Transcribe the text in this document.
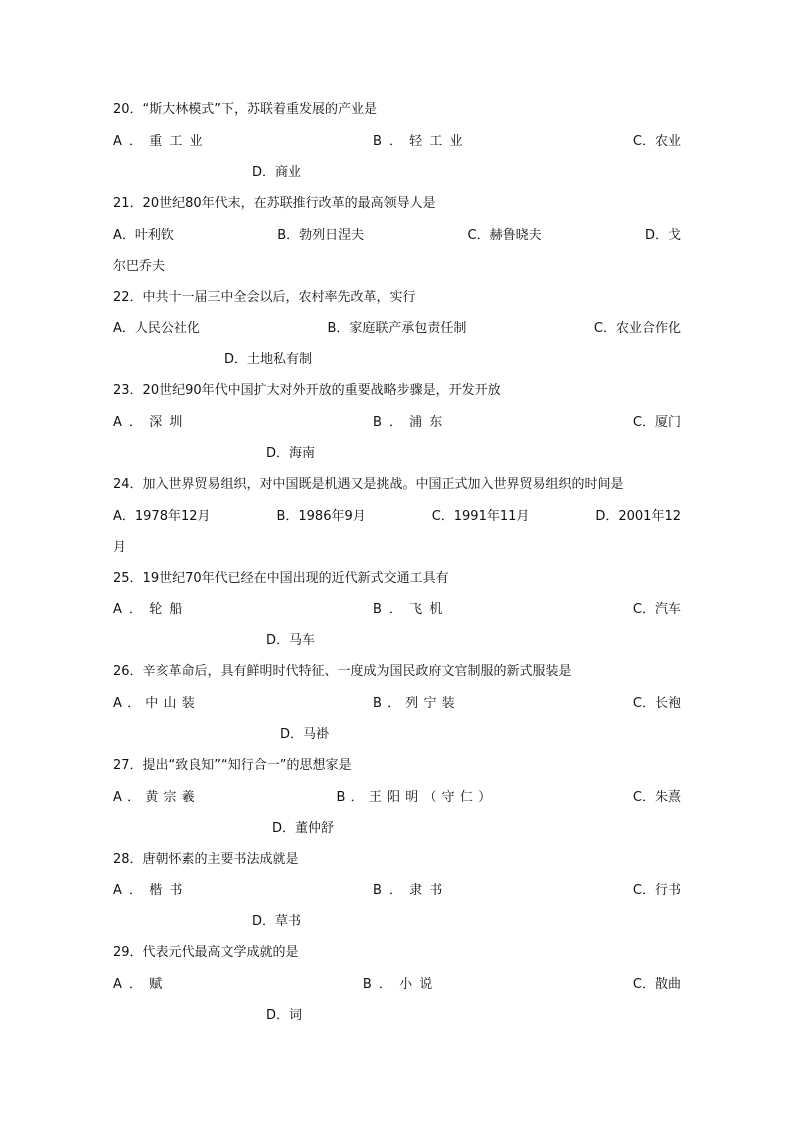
20．“斯大林模式”下，苏联着重发展的产业是
A．重工业	B．轻工业	C．农业
D．商业
21．20世纪80年代末，在苏联推行改革的最高领导人是
A．叶利钦	B．勃列日涅夫	C．赫鲁晓夫	D．戈
尔巴乔夫
22．中共十一届三中全会以后，农村率先改革，实行
A．人民公社化	B．家庭联产承包责任制	C．农业合作化
D．土地私有制
23．20世纪90年代中国扩大对外开放的重要战略步骤是，开发开放
A．深圳	B．浦东	C．厦门
D．海南
24．加入世界贸易组织，对中国既是机遇又是挑战。中国正式加入世界贸易组织的时间是
A．1978年12月	B．1986年9月	C．1991年11月	D．2001年12
月
25．19世纪70年代已经在中国出现的近代新式交通工具有
A．轮船	B．飞机	C．汽车
D．马车
26．辛亥革命后，具有鲜明时代特征、一度成为国民政府文官制服的新式服装是
A．中山装	B．列宁装	C．长袍
D．马褂
27．提出“致良知”“知行合一”的思想家是
A．黄宗羲	B．王阳明（守仁）	C．朱熹
D．董仲舒
28．唐朝怀素的主要书法成就是
A．楷书	B．隶书	C．行书
D．草书
29．代表元代最高文学成就的是
A．赋	B．小说	C．散曲
D．词
